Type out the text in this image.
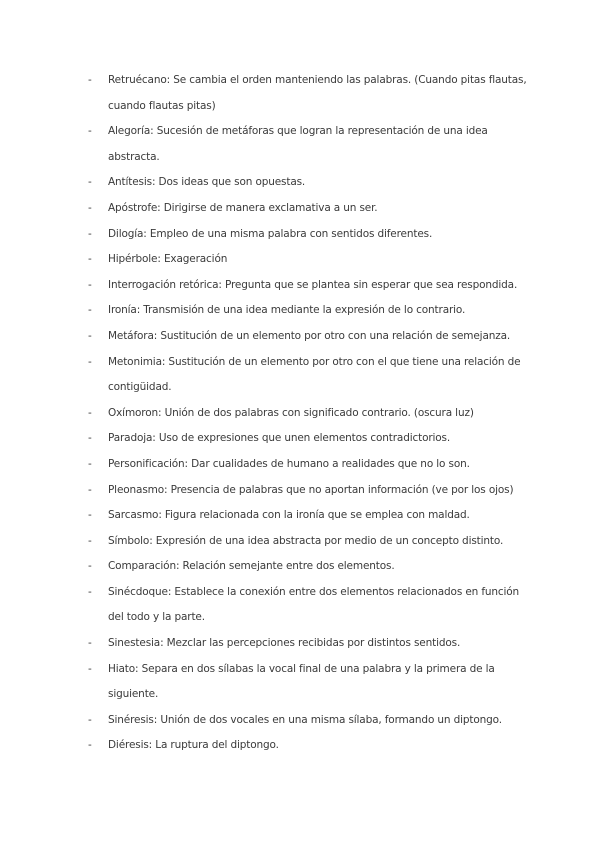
-	Retruécano: Se cambia el orden manteniendo las palabras. (Cuando pitas flautas, cuando flautas pitas)
-	Alegoría: Sucesión de metáforas que logran la representación de una idea abstracta.
-	Antítesis: Dos ideas que son opuestas.
-	Apóstrofe: Dirigirse de manera exclamativa a un ser.
-	Dilogía: Empleo de una misma palabra con sentidos diferentes.
-	Hipérbole: Exageración
-	Interrogación retórica: Pregunta que se plantea sin esperar que sea respondida.
-	Ironía: Transmisión de una idea mediante la expresión de lo contrario.
-	Metáfora: Sustitución de un elemento por otro con una relación de semejanza.
-	Metonimia: Sustitución de un elemento por otro con el que tiene una relación de contigüidad.
-	Oxímoron: Unión de dos palabras con significado contrario. (oscura luz)
-	Paradoja: Uso de expresiones que unen elementos contradictorios.
-	Personificación: Dar cualidades de humano a realidades que no lo son.
-	Pleonasmo: Presencia de palabras que no aportan información (ve por los ojos)
-	Sarcasmo: Figura relacionada con la ironía que se emplea con maldad.
-	Símbolo: Expresión de una idea abstracta por medio de un concepto distinto.
-	Comparación: Relación semejante entre dos elementos.
-	Sinécdoque: Establece la conexión entre dos elementos relacionados en función del todo y la parte.
-	Sinestesia: Mezclar las percepciones recibidas por distintos sentidos.
-	Hiato: Separa en dos sílabas la vocal final de una palabra y la primera de la siguiente.
-	Sinéresis: Unión de dos vocales en una misma sílaba, formando un diptongo.
-	Diéresis: La ruptura del diptongo.
